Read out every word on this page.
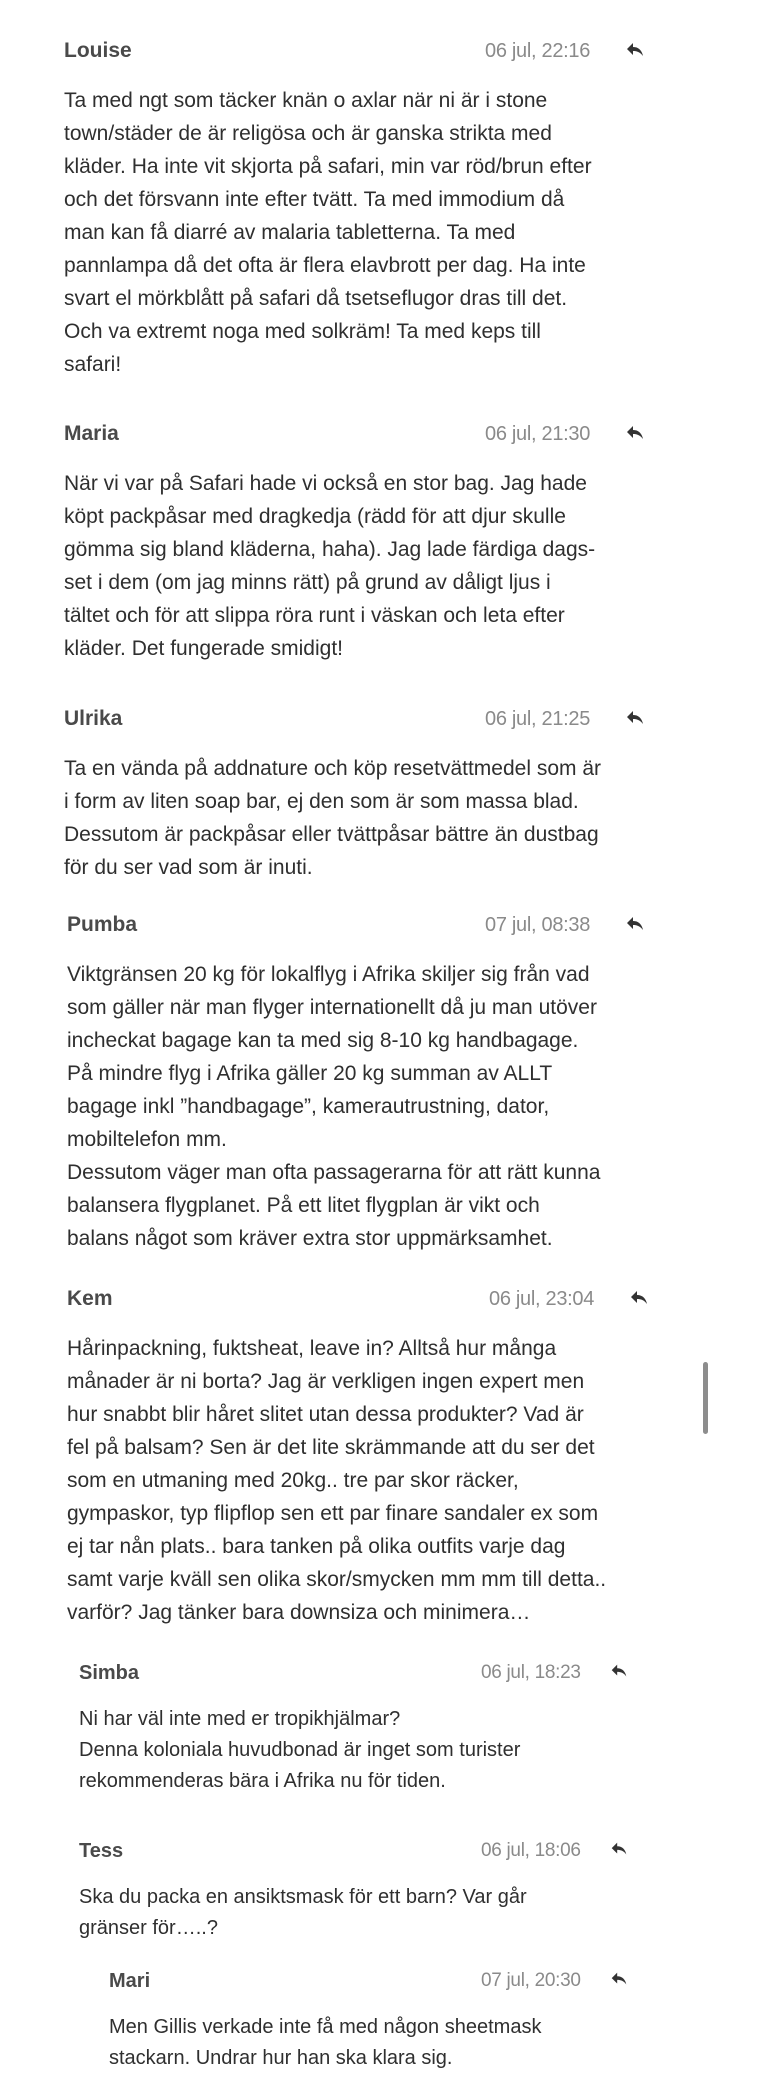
Louise	06 jul, 22:16
Ta med ngt som täcker knän o axlar när ni är i stone
town/städer de är religösa och är ganska strikta med
kläder. Ha inte vit skjorta på safari, min var röd/brun efter
och det försvann inte efter tvätt. Ta med immodium då
man kan få diarré av malaria tabletterna. Ta med
pannlampa då det ofta är flera elavbrott per dag. Ha inte
svart el mörkblått på safari då tsetseflugor dras till det.
Och va extremt noga med solkräm! Ta med keps till
safari!
Maria	06 jul, 21:30
När vi var på Safari hade vi också en stor bag. Jag hade
köpt packpåsar med dragkedja (rädd för att djur skulle
gömma sig bland kläderna, haha). Jag lade färdiga dags-
set i dem (om jag minns rätt) på grund av dåligt ljus i
tältet och för att slippa röra runt i väskan och leta efter
kläder. Det fungerade smidigt!
Ulrika	06 jul, 21:25
Ta en vända på addnature och köp resetvättmedel som är
i form av liten soap bar, ej den som är som massa blad.
Dessutom är packpåsar eller tvättpåsar bättre än dustbag
för du ser vad som är inuti.
Pumba	07 jul, 08:38
Viktgränsen 20 kg för lokalflyg i Afrika skiljer sig från vad
som gäller när man flyger internationellt då ju man utöver
incheckat bagage kan ta med sig 8-10 kg handbagage.
På mindre flyg i Afrika gäller 20 kg summan av ALLT
bagage inkl ”handbagage”, kamerautrustning, dator,
mobiltelefon mm.
Dessutom väger man ofta passagerarna för att rätt kunna
balansera flygplanet. På ett litet flygplan är vikt och
balans något som kräver extra stor uppmärksamhet.
Kem	06 jul, 23:04
Hårinpackning, fuktsheat, leave in? Alltså hur många
månader är ni borta? Jag är verkligen ingen expert men
hur snabbt blir håret slitet utan dessa produkter? Vad är
fel på balsam? Sen är det lite skrämmande att du ser det
som en utmaning med 20kg.. tre par skor räcker,
gympaskor, typ flipflop sen ett par finare sandaler ex som
ej tar nån plats.. bara tanken på olika outfits varje dag
samt varje kväll sen olika skor/smycken mm mm till detta..
varför? Jag tänker bara downsiza och minimera…
Simba	06 jul, 18:23
Ni har väl inte med er tropikhjälmar?
Denna koloniala huvudbonad är inget som turister
rekommenderas bära i Afrika nu för tiden.
Tess	06 jul, 18:06
Ska du packa en ansiktsmask för ett barn? Var går
gränser för…..?
Mari	07 jul, 20:30
Men Gillis verkade inte få med någon sheetmask
stackarn. Undrar hur han ska klara sig.
